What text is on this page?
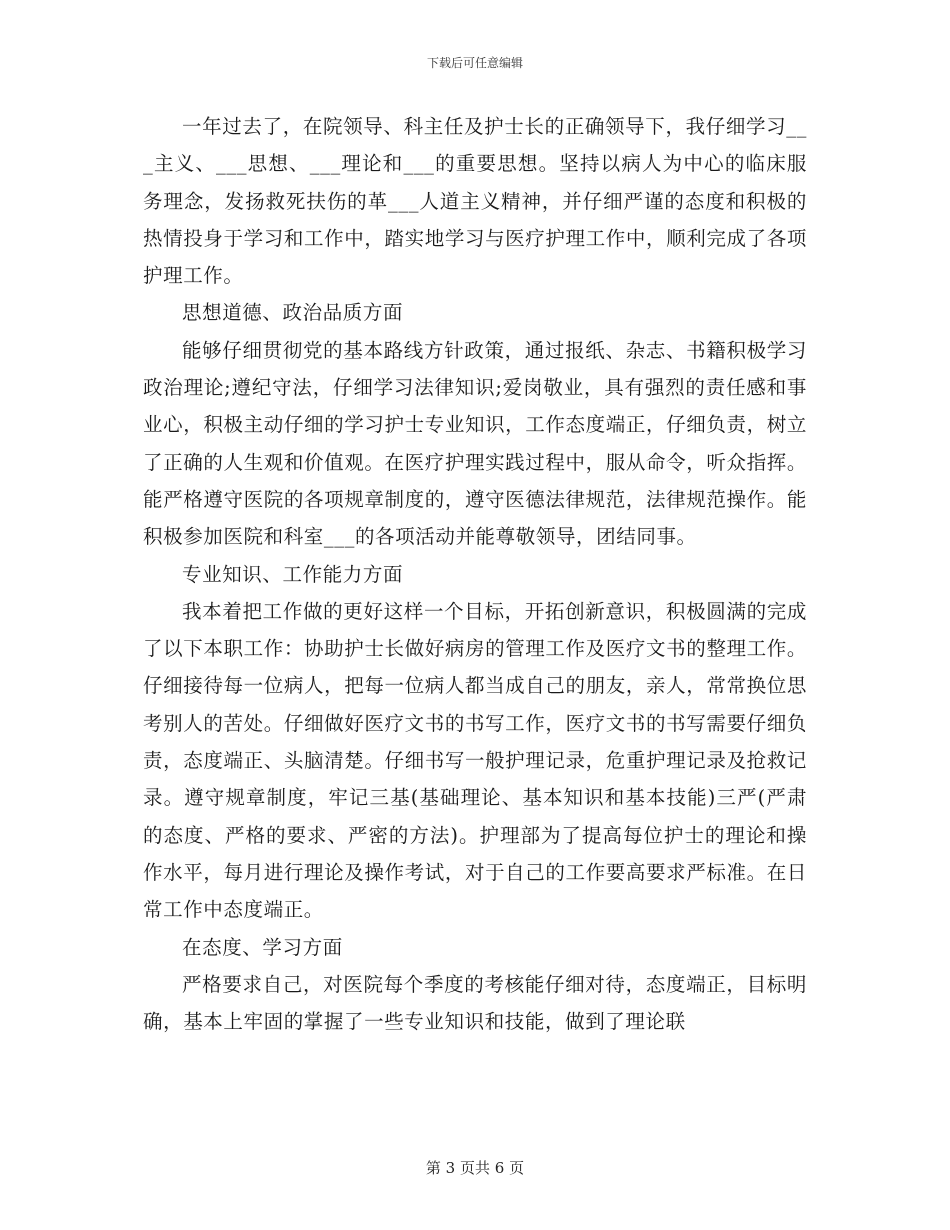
下载后可任意编辑

一年过去了，在院领导、科主任及护士长的正确领导下，我仔细学习___主义、___思想、___理论和___的重要思想。坚持以病人为中心的临床服务理念，发扬救死扶伤的革___人道主义精神，并仔细严谨的态度和积极的热情投身于学习和工作中，踏实地学习与医疗护理工作中，顺利完成了各项护理工作。

思想道德、政治品质方面

能够仔细贯彻党的基本路线方针政策，通过报纸、杂志、书籍积极学习政治理论;遵纪守法，仔细学习法律知识;爱岗敬业，具有强烈的责任感和事业心，积极主动仔细的学习护士专业知识，工作态度端正，仔细负责，树立了正确的人生观和价值观。在医疗护理实践过程中，服从命令，听众指挥。能严格遵守医院的各项规章制度的，遵守医德法律规范，法律规范操作。能积极参加医院和科室___的各项活动并能尊敬领导，团结同事。

专业知识、工作能力方面

我本着把工作做的更好这样一个目标，开拓创新意识，积极圆满的完成了以下本职工作：协助护士长做好病房的管理工作及医疗文书的整理工作。仔细接待每一位病人，把每一位病人都当成自己的朋友，亲人，常常换位思考别人的苦处。仔细做好医疗文书的书写工作，医疗文书的书写需要仔细负责，态度端正、头脑清楚。仔细书写一般护理记录，危重护理记录及抢救记录。遵守规章制度，牢记三基(基础理论、基本知识和基本技能)三严(严肃的态度、严格的要求、严密的方法)。护理部为了提高每位护士的理论和操作水平，每月进行理论及操作考试，对于自己的工作要高要求严标准。在日常工作中态度端正。

在态度、学习方面

严格要求自己，对医院每个季度的考核能仔细对待，态度端正，目标明确，基本上牢固的掌握了一些专业知识和技能，做到了理论联

第 3 页共 6 页
